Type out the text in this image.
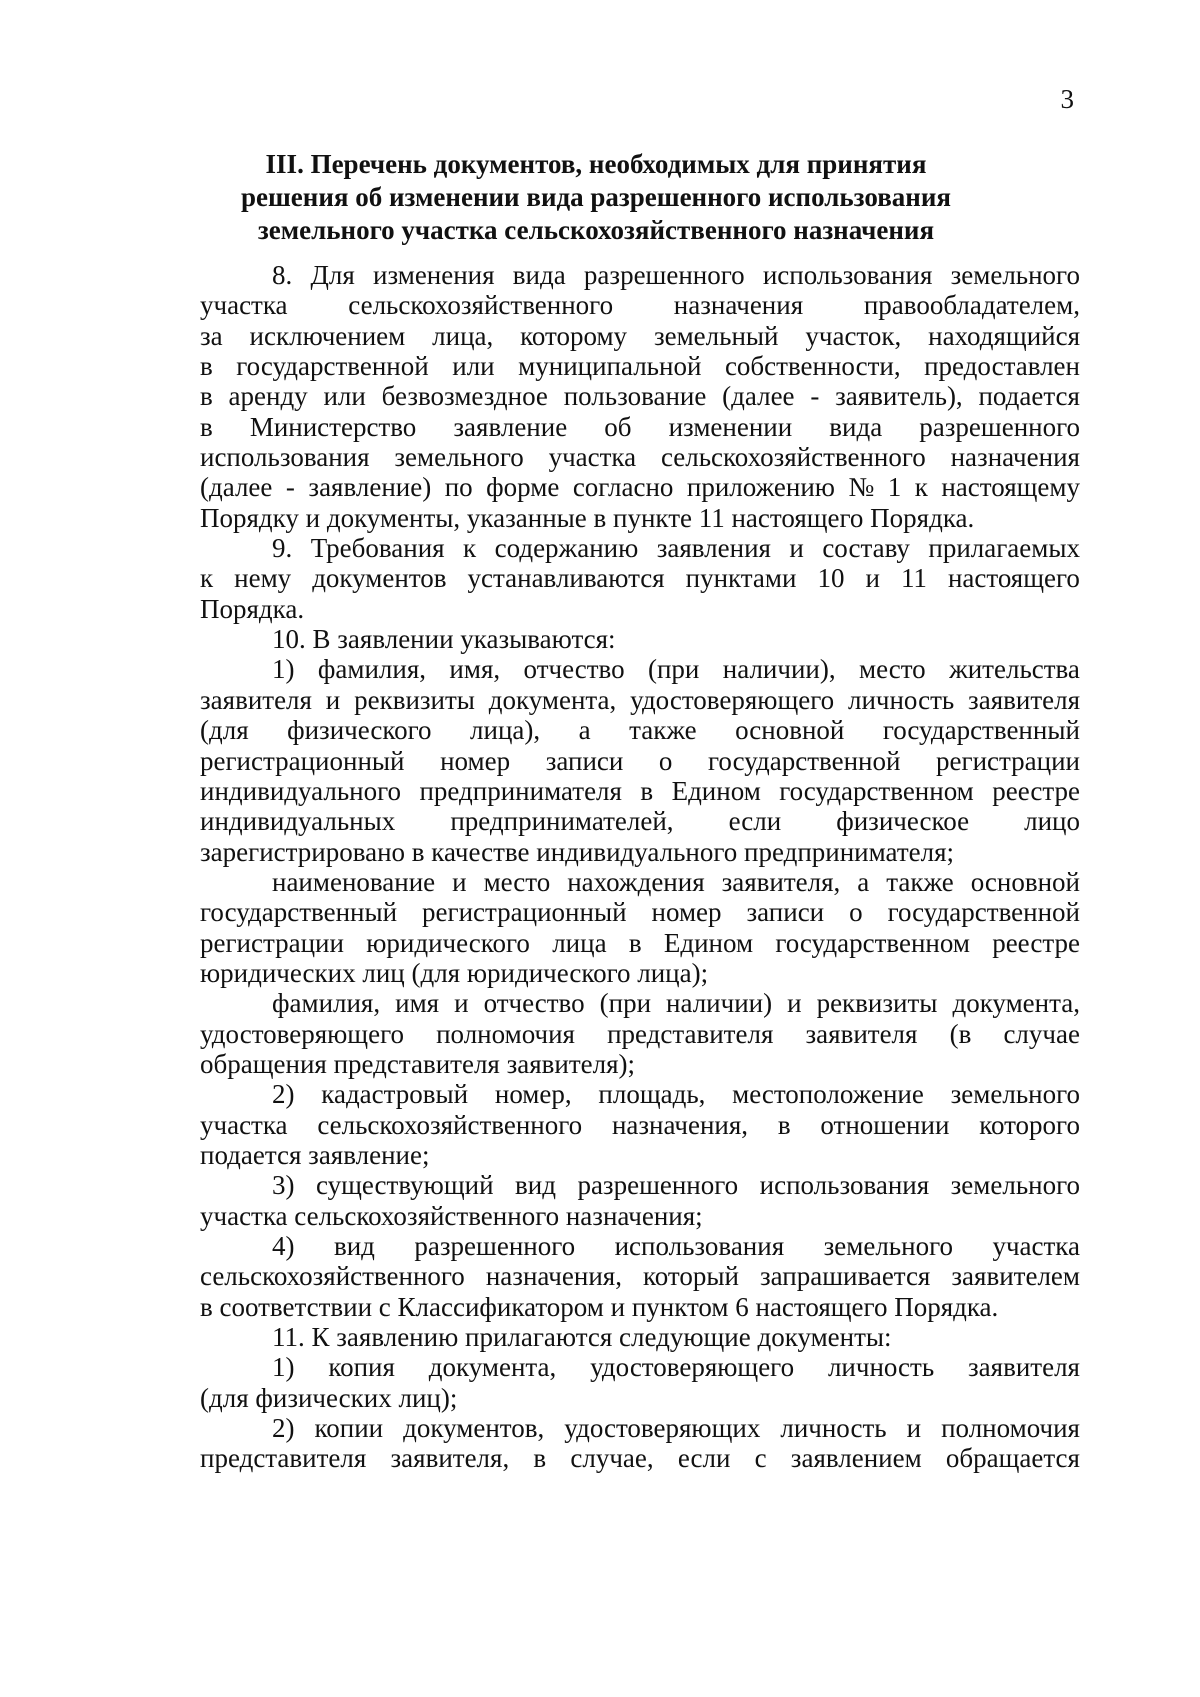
3
III. Перечень документов, необходимых для принятия
решения об изменении вида разрешенного использования
земельного участка сельскохозяйственного назначения
8. Для изменения вида разрешенного использования земельного
участка сельскохозяйственного назначения правообладателем,
за исключением лица, которому земельный участок, находящийся
в государственной или муниципальной собственности, предоставлен
в аренду или безвозмездное пользование (далее - заявитель), подается
в Министерство заявление об изменении вида разрешенного
использования земельного участка сельскохозяйственного назначения
(далее - заявление) по форме согласно приложению № 1 к настоящему
Порядку и документы, указанные в пункте 11 настоящего Порядка.
9. Требования к содержанию заявления и составу прилагаемых
к нему документов устанавливаются пунктами 10 и 11 настоящего
Порядка.
10. В заявлении указываются:
1) фамилия, имя, отчество (при наличии), место жительства
заявителя и реквизиты документа, удостоверяющего личность заявителя
(для физического лица), а также основной государственный
регистрационный номер записи о государственной регистрации
индивидуального предпринимателя в Едином государственном реестре
индивидуальных предпринимателей, если физическое лицо
зарегистрировано в качестве индивидуального предпринимателя;
наименование и место нахождения заявителя, а также основной
государственный регистрационный номер записи о государственной
регистрации юридического лица в Едином государственном реестре
юридических лиц (для юридического лица);
фамилия, имя и отчество (при наличии) и реквизиты документа,
удостоверяющего полномочия представителя заявителя (в случае
обращения представителя заявителя);
2) кадастровый номер, площадь, местоположение земельного
участка сельскохозяйственного назначения, в отношении которого
подается заявление;
3) существующий вид разрешенного использования земельного
участка сельскохозяйственного назначения;
4) вид разрешенного использования земельного участка
сельскохозяйственного назначения, который запрашивается заявителем
в соответствии с Классификатором и пунктом 6 настоящего Порядка.
11. К заявлению прилагаются следующие документы:
1) копия документа, удостоверяющего личность заявителя
(для физических лиц);
2) копии документов, удостоверяющих личность и полномочия
представителя заявителя, в случае, если с заявлением обращается
